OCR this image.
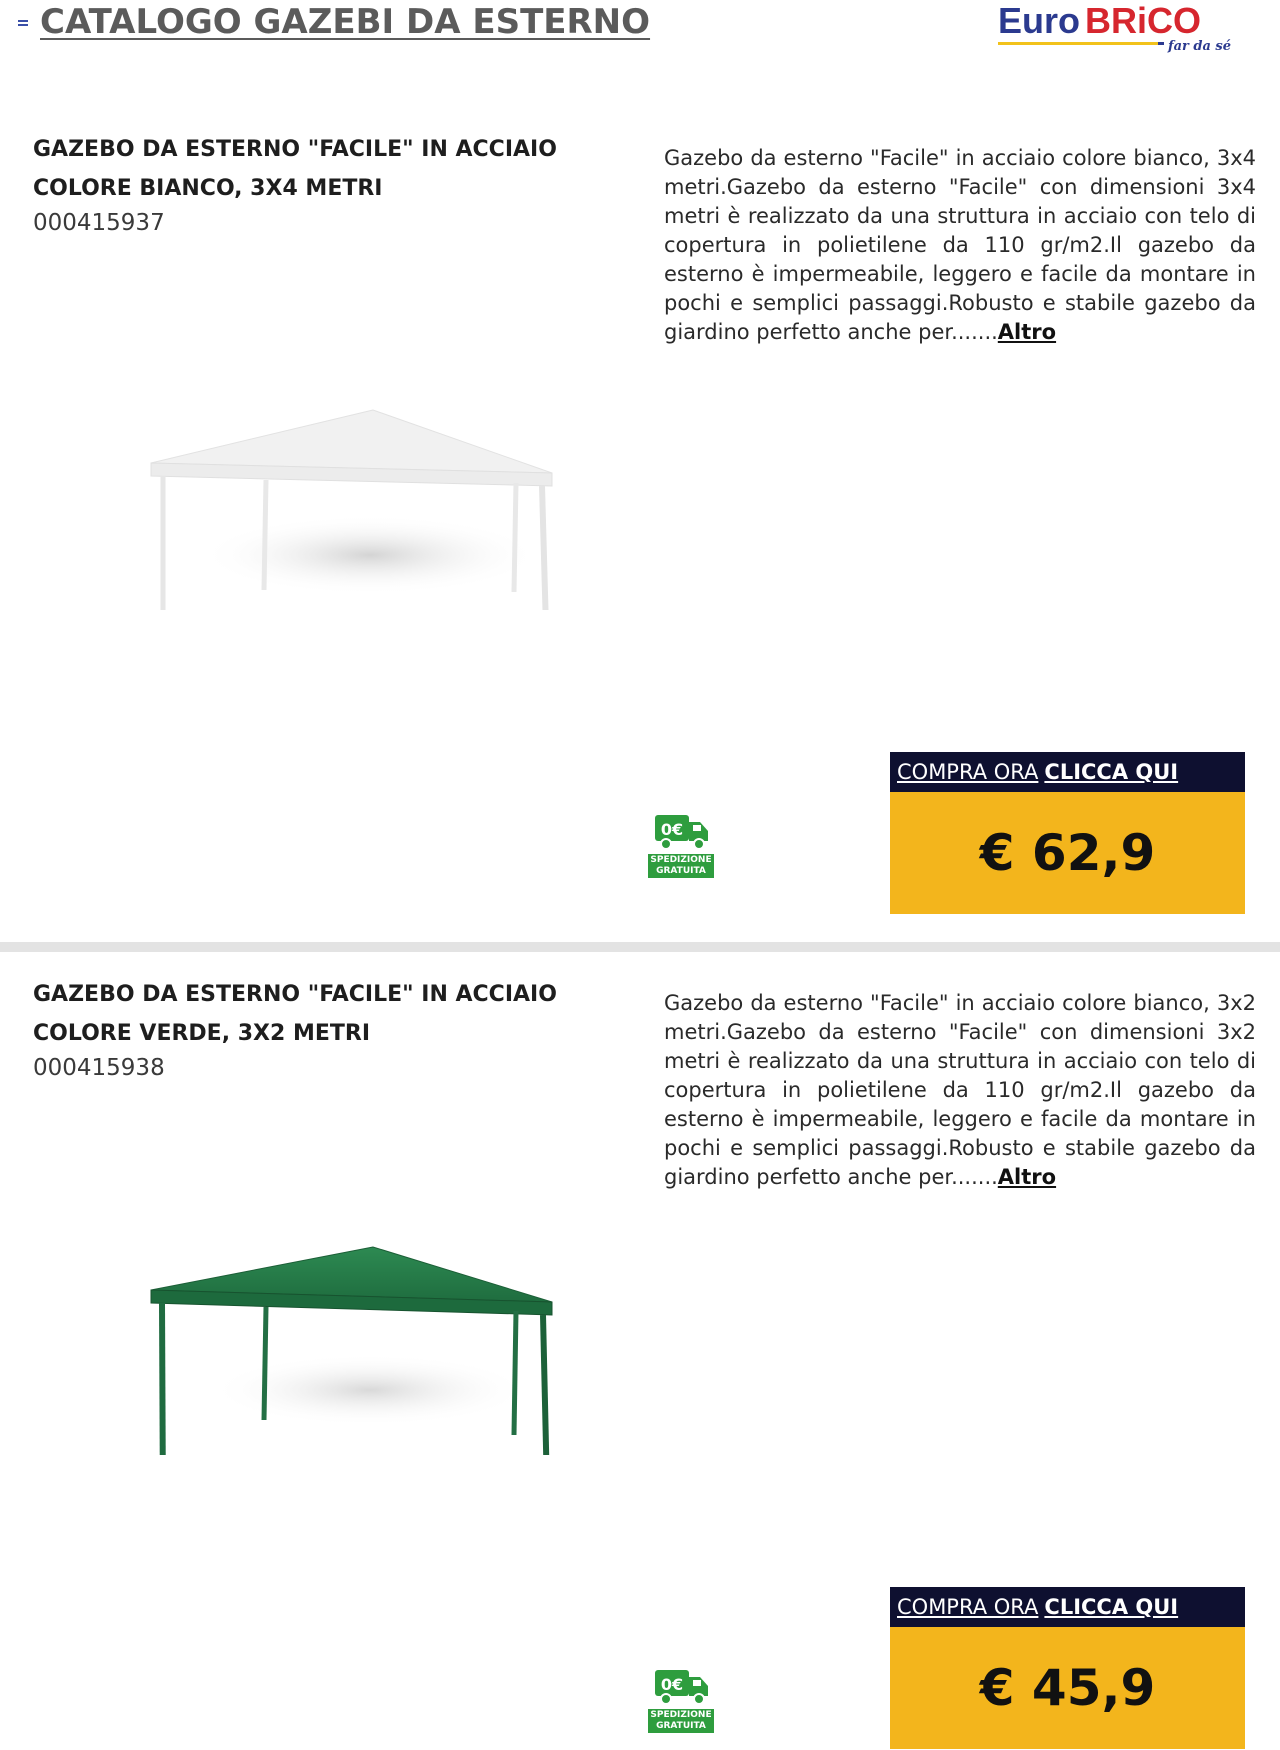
CATALOGO GAZEBI DA ESTERNO	Euro BRiCO
far da sé
GAZEBO DA ESTERNO "FACILE" IN ACCIAIO COLORE BIANCO, 3X4 METRI
000415937

Gazebo da esterno "Facile" in acciaio colore bianco, 3x4 metri.Gazebo da esterno "Facile" con dimensioni 3x4 metri è realizzato da una struttura in acciaio con telo di copertura in polietilene da 110 gr/m2.Il gazebo da esterno è impermeabile, leggero e facile da montare in pochi e semplici passaggi.Robusto e stabile gazebo da giardino perfetto anche per.......Altro

0€
SPEDIZIONE
GRATUITA
COMPRA ORA CLICCA QUI
€ 62,9
GAZEBO DA ESTERNO "FACILE" IN ACCIAIO COLORE VERDE, 3X2 METRI
000415938

Gazebo da esterno "Facile" in acciaio colore bianco, 3x2 metri.Gazebo da esterno "Facile" con dimensioni 3x2 metri è realizzato da una struttura in acciaio con telo di copertura in polietilene da 110 gr/m2.Il gazebo da esterno è impermeabile, leggero e facile da montare in pochi e semplici passaggi.Robusto e stabile gazebo da giardino perfetto anche per.......Altro

0€
SPEDIZIONE
GRATUITA
COMPRA ORA CLICCA QUI
€ 45,9
